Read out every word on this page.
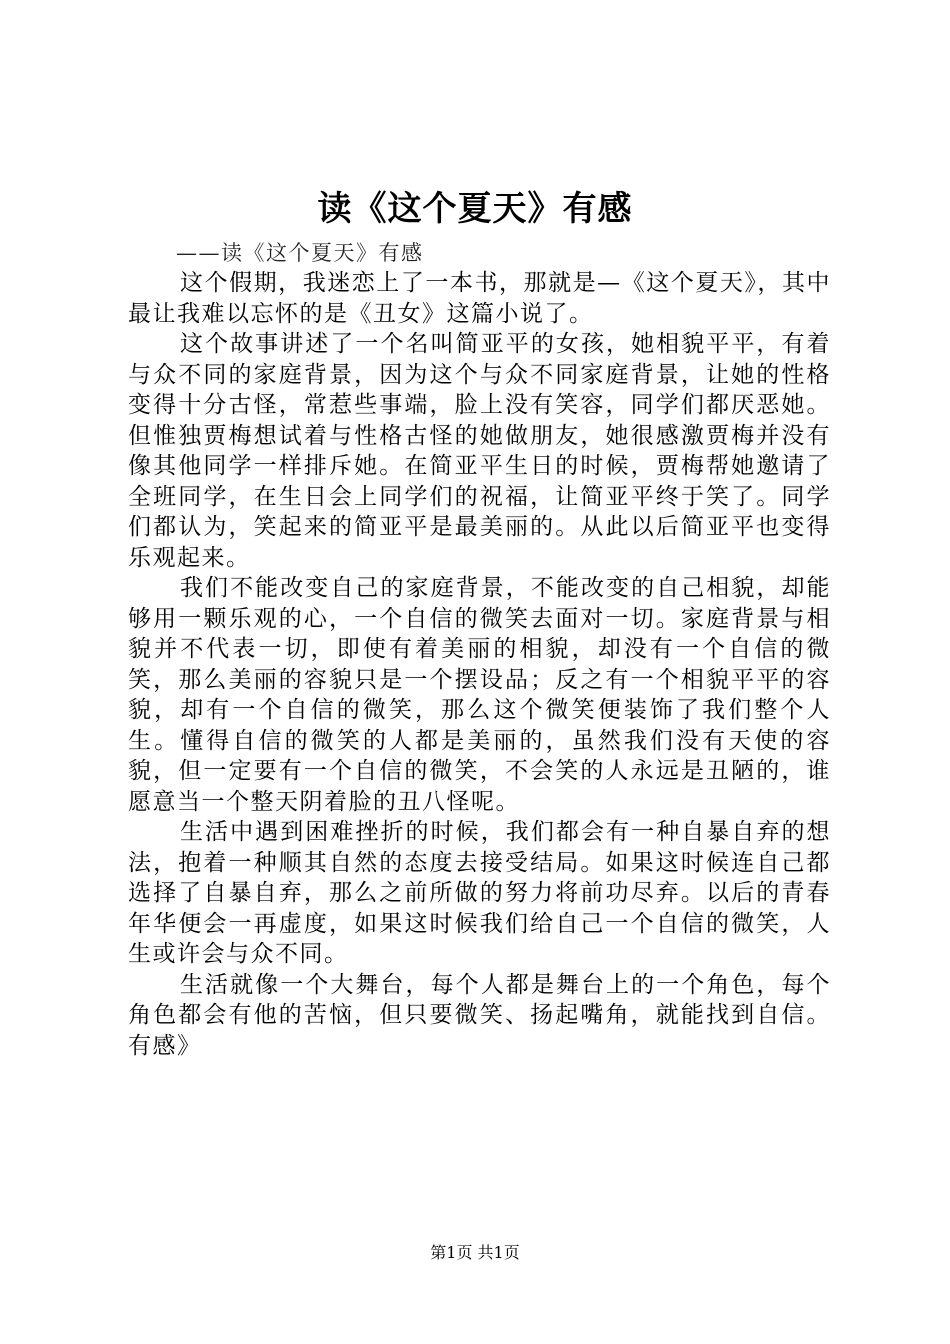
读《这个夏天》有感

——读《这个夏天》有感

这个假期，我迷恋上了一本书，那就是—《这个夏天》，其中最让我难以忘怀的是《丑女》这篇小说了。

这个故事讲述了一个名叫简亚平的女孩，她相貌平平，有着与众不同的家庭背景，因为这个与众不同家庭背景，让她的性格变得十分古怪，常惹些事端，脸上没有笑容，同学们都厌恶她。但惟独贾梅想试着与性格古怪的她做朋友，她很感激贾梅并没有像其他同学一样排斥她。在简亚平生日的时候，贾梅帮她邀请了全班同学，在生日会上同学们的祝福，让简亚平终于笑了。同学们都认为，笑起来的简亚平是最美丽的。从此以后简亚平也变得乐观起来。

我们不能改变自己的家庭背景，不能改变的自己相貌，却能够用一颗乐观的心，一个自信的微笑去面对一切。家庭背景与相貌并不代表一切，即使有着美丽的相貌，却没有一个自信的微笑，那么美丽的容貌只是一个摆设品；反之有一个相貌平平的容貌，却有一个自信的微笑，那么这个微笑便装饰了我们整个人生。懂得自信的微笑的人都是美丽的，虽然我们没有天使的容貌，但一定要有一个自信的微笑，不会笑的人永远是丑陋的，谁愿意当一个整天阴着脸的丑八怪呢。

生活中遇到困难挫折的时候，我们都会有一种自暴自弃的想法，抱着一种顺其自然的态度去接受结局。如果这时候连自己都选择了自暴自弃，那么之前所做的努力将前功尽弃。以后的青春年华便会一再虚度，如果这时候我们给自己一个自信的微笑，人生或许会与众不同。

生活就像一个大舞台，每个人都是舞台上的一个角色，每个角色都会有他的苦恼，但只要微笑、扬起嘴角，就能找到自信。有感》

第1页 共1页
